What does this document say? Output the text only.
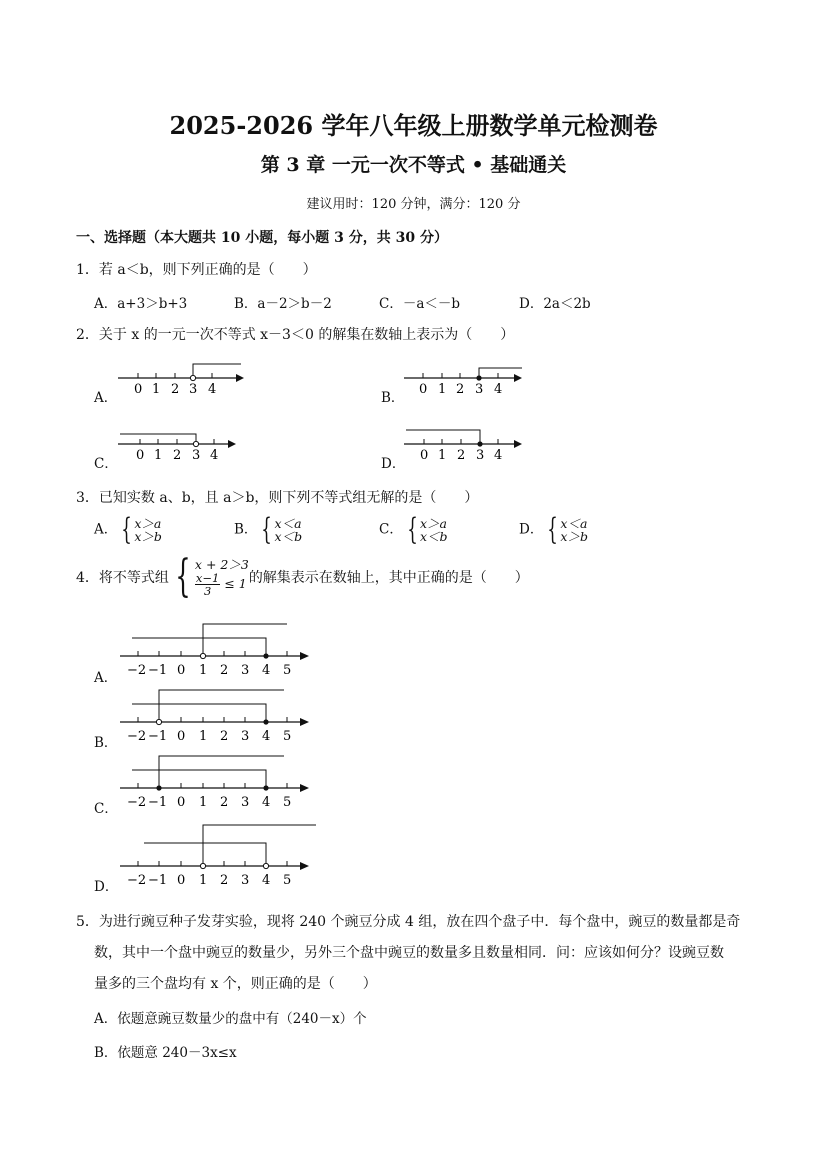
2025-2026 学年八年级上册数学单元检测卷
第 3 章 一元一次不等式 • 基础通关
建议用时：120 分钟，满分：120 分
一、选择题（本大题共 10 小题，每小题 3 分，共 30 分）
1．若 a＜b，则下列正确的是（　　）
A．a+3＞b+3	B．a－2＞b－2	C．－a＜－b	D．2a＜2b
2．关于 x 的一元一次不等式 x－3＜0 的解集在数轴上表示为（　　）
A．	B．
C．	D．
0 1 2 3 4	0 1 2 3 4
0 1 2 3 4	0 1 2 3 4
3．已知实数 a、b，且 a＞b，则下列不等式组无解的是（　　）
A． { x＞a
x＞b	B． { x＜a
x＜b	C． { x＞a
x＜b	D． { x＜a
x＞b
4．将不等式组 { x + 2＞3

$\frac{x-1}{3} \le 1$ 的解集表示在数轴上，其中正确的是（　　）
A．
B．
C．
D．
−2 −1 0 1 2 3 4 5
−2 −1 0 1 2 3 4 5
−2 −1 0 1 2 3 4 5
−2 −1 0 1 2 3 4 5
5．为进行豌豆种子发芽实验，现将 240 个豌豆分成 4 组，放在四个盘子中．每个盘中，豌豆的数量都是奇
数，其中一个盘中豌豆的数量少，另外三个盘中豌豆的数量多且数量相同．问：应该如何分？设豌豆数
量多的三个盘均有 x 个，则正确的是（　　）
A．依题意豌豆数量少的盘中有（240－x）个
B．依题意 240－3x≤x
